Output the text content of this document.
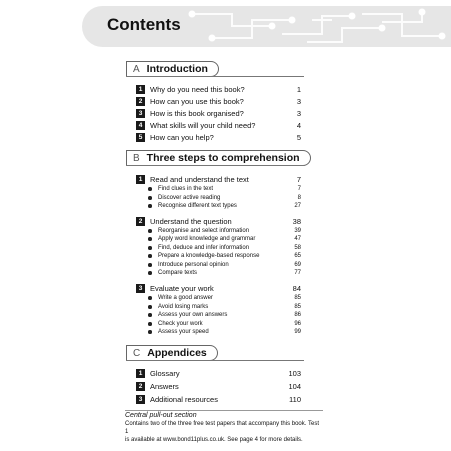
Contents
A Introduction
1	Why do you need this book?	1
2	How can you use this book?	3
3	How is this book organised?	3
4	What skills will your child need?	4
5	How can you help?	5
B Three steps to comprehension
1	Read and understand the text	7
Find clues in the text	7
Discover active reading	8
Recognise different text types	27
2	Understand the question	38
Reorganise and select information	39
Apply word knowledge and grammar	47
Find, deduce and infer information	58
Prepare a knowledge-based response	65
Introduce personal opinion	69
Compare texts	77
3	Evaluate your work	84
Write a good answer	85
Avoid losing marks	85
Assess your own answers	86
Check your work	96
Assess your speed	99
C Appendices
1	Glossary	103
2	Answers	104
3	Additional resources	110
Central pull-out section
Contains two of the three free test papers that accompany this book. Test 1
is available at www.bond11plus.co.uk. See page 4 for more details.
